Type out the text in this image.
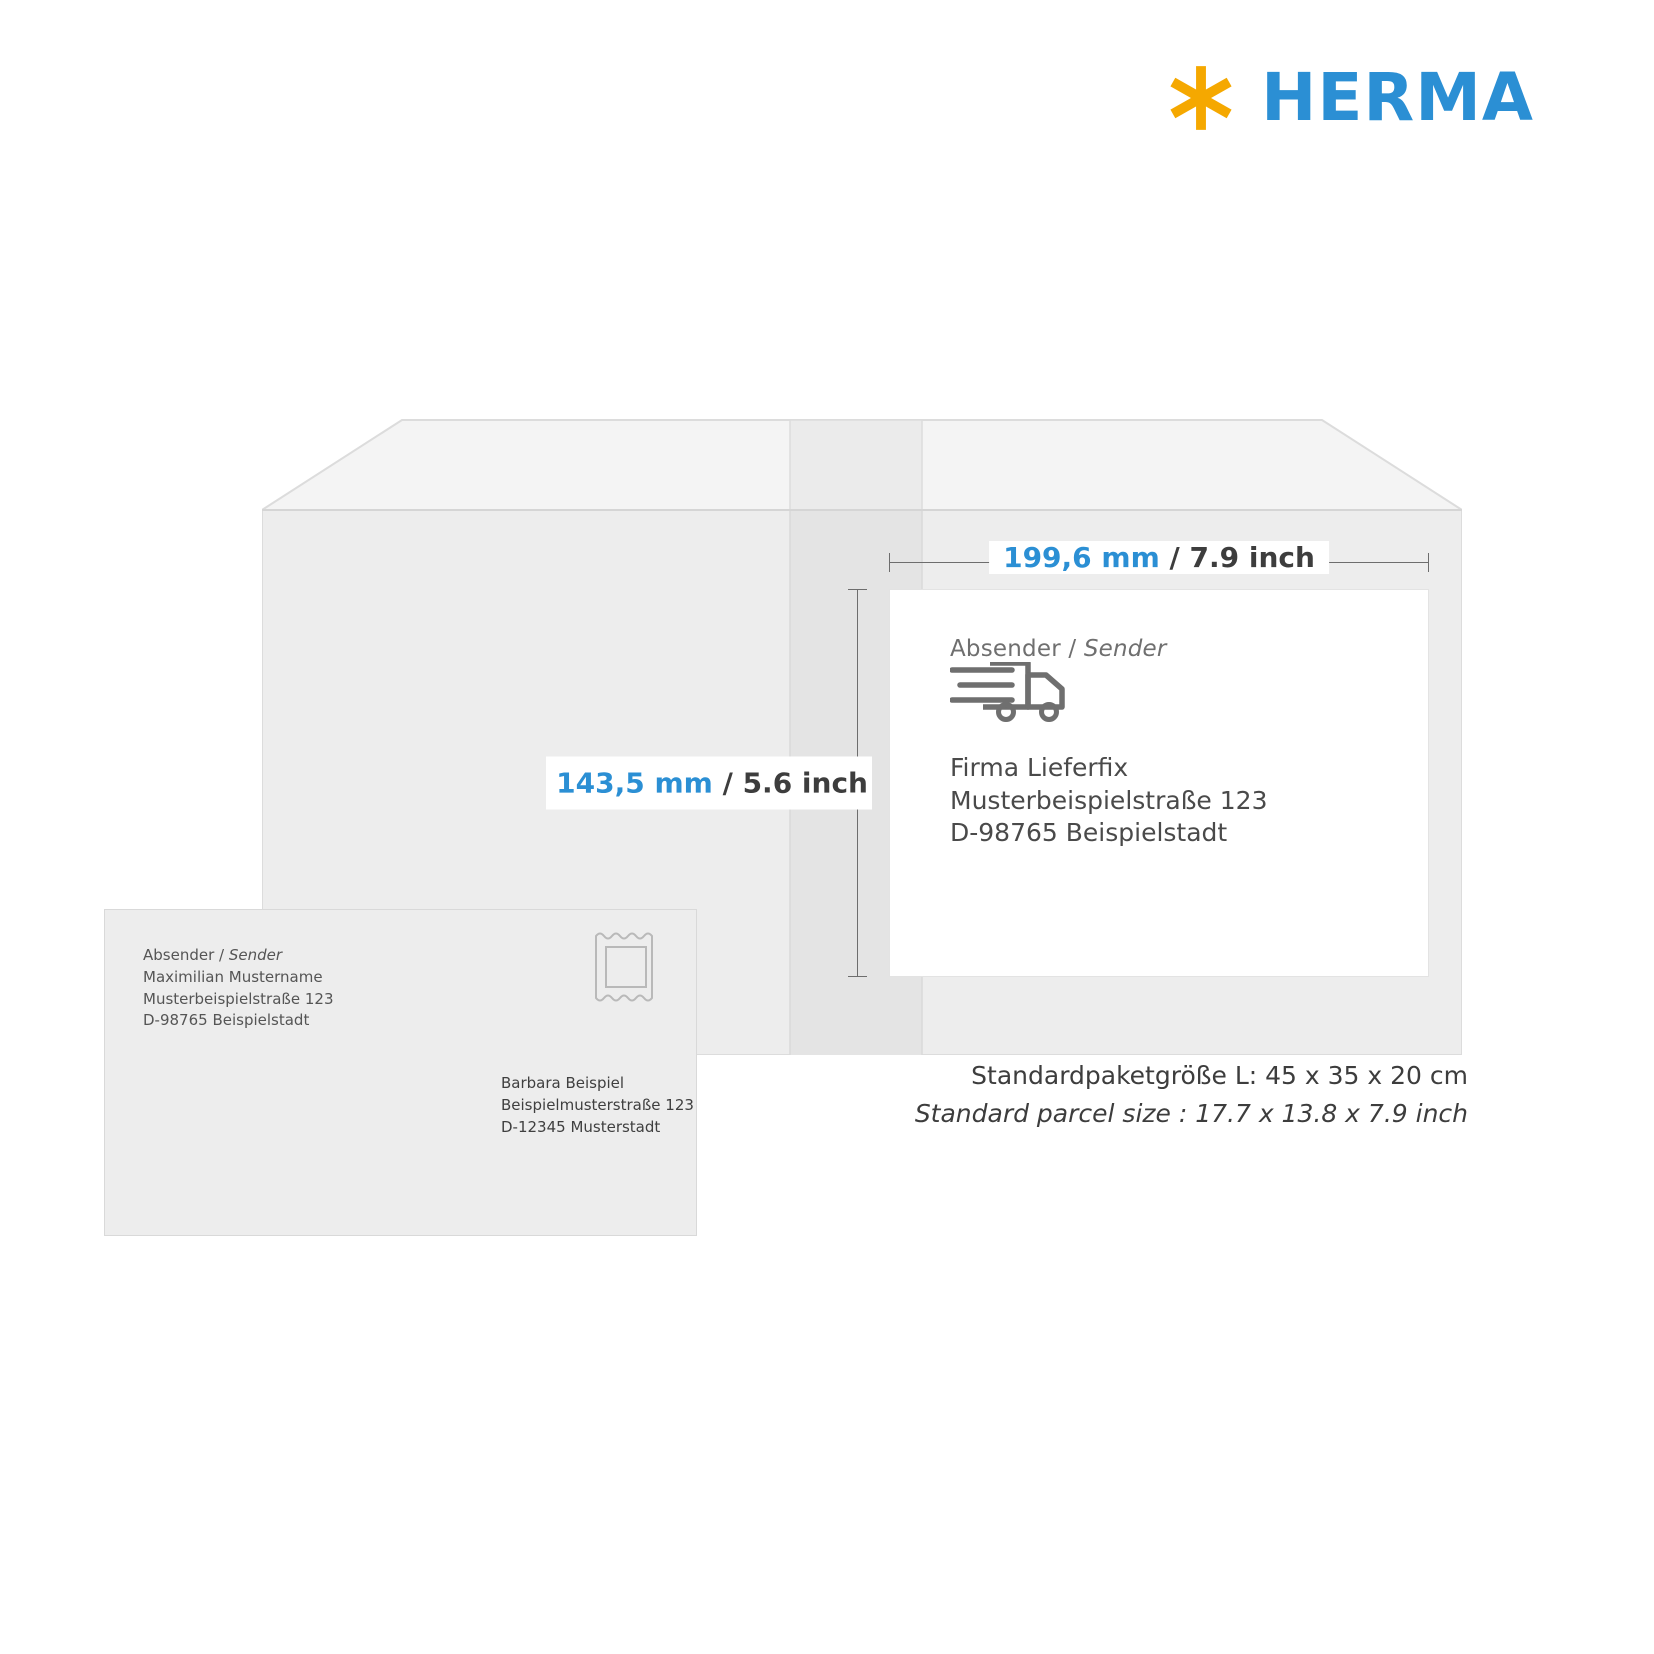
HERMA
199,6 mm / 7.9 inch
143,5 mm / 5.6 inch
Absender / Sender
Firma Lieferfix
Musterbeispielstraße 123
D-98765 Beispielstadt
Absender / Sender
Maximilian Mustername
Musterbeispielstraße 123
D-98765 Beispielstadt
Barbara Beispiel
Beispielmusterstraße 123
D-12345 Musterstadt
Standardpaketgröße L: 45 x 35 x 20 cm
Standard parcel size : 17.7 x 13.8 x 7.9 inch
